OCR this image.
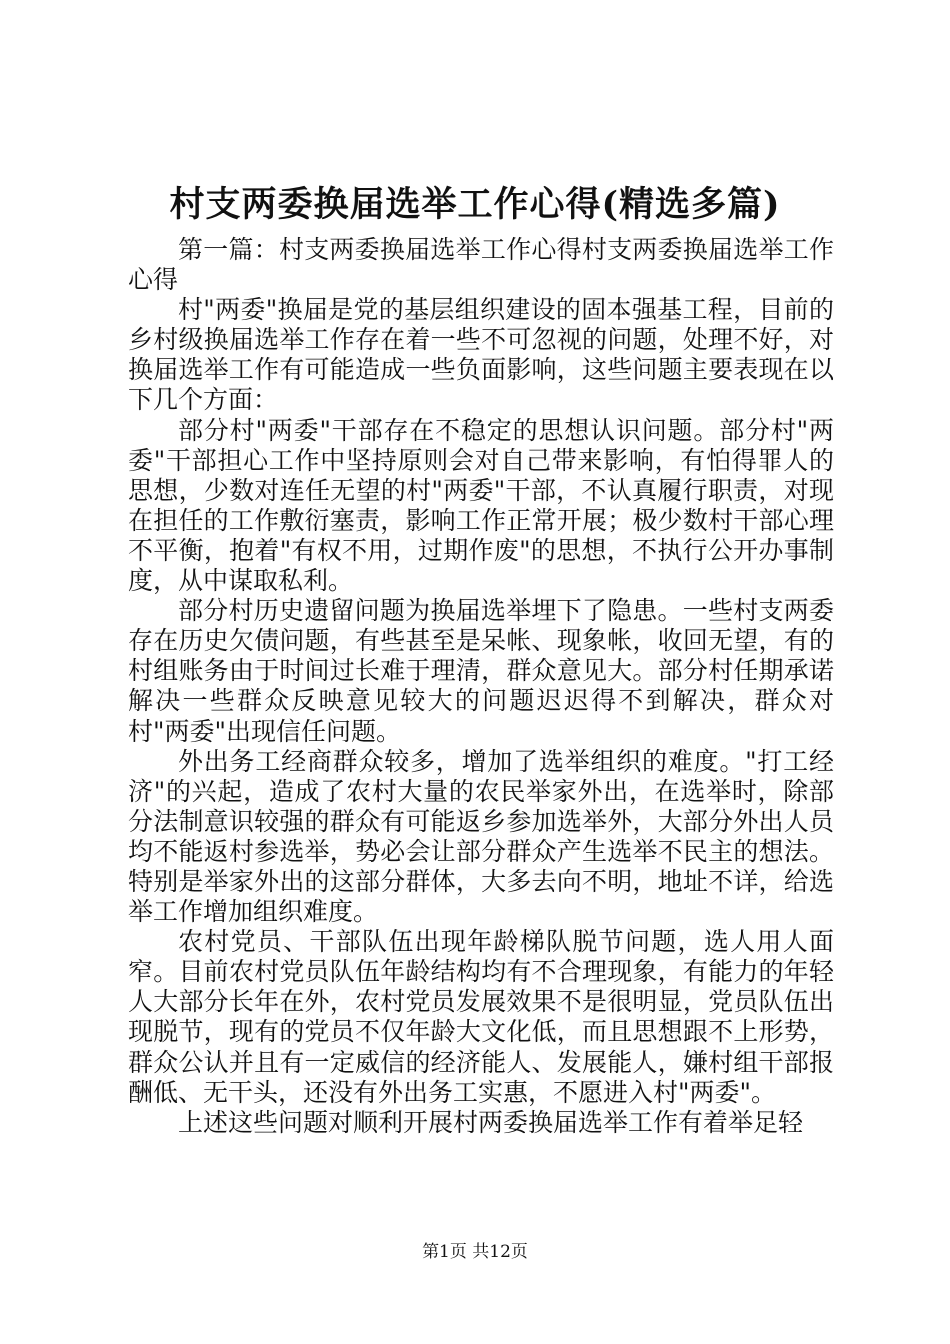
村支两委换届选举工作心得(精选多篇)

第一篇：村支两委换届选举工作心得村支两委换届选举工作心得

村"两委"换届是党的基层组织建设的固本强基工程，目前的乡村级换届选举工作存在着一些不可忽视的问题，处理不好，对换届选举工作有可能造成一些负面影响，这些问题主要表现在以下几个方面：

部分村"两委"干部存在不稳定的思想认识问题。部分村"两委"干部担心工作中坚持原则会对自己带来影响，有怕得罪人的思想，少数对连任无望的村"两委"干部，不认真履行职责，对现在担任的工作敷衍塞责，影响工作正常开展；极少数村干部心理不平衡，抱着"有权不用，过期作废"的思想，不执行公开办事制度，从中谋取私利。

部分村历史遗留问题为换届选举埋下了隐患。一些村支两委存在历史欠债问题，有些甚至是呆帐、现象帐，收回无望，有的村组账务由于时间过长难于理清，群众意见大。部分村任期承诺解决一些群众反映意见较大的问题迟迟得不到解决，群众对村"两委"出现信任问题。

外出务工经商群众较多，增加了选举组织的难度。"打工经济"的兴起，造成了农村大量的农民举家外出，在选举时，除部分法制意识较强的群众有可能返乡参加选举外，大部分外出人员均不能返村参选举，势必会让部分群众产生选举不民主的想法。特别是举家外出的这部分群体，大多去向不明，地址不详，给选举工作增加组织难度。

农村党员、干部队伍出现年龄梯队脱节问题，选人用人面窄。目前农村党员队伍年龄结构均有不合理现象，有能力的年轻人大部分长年在外，农村党员发展效果不是很明显，党员队伍出现脱节，现有的党员不仅年龄大文化低，而且思想跟不上形势，群众公认并且有一定威信的经济能人、发展能人，嫌村组干部报酬低、无干头，还没有外出务工实惠，不愿进入村"两委"。

上述这些问题对顺利开展村两委换届选举工作有着举足轻

第1页 共12页
